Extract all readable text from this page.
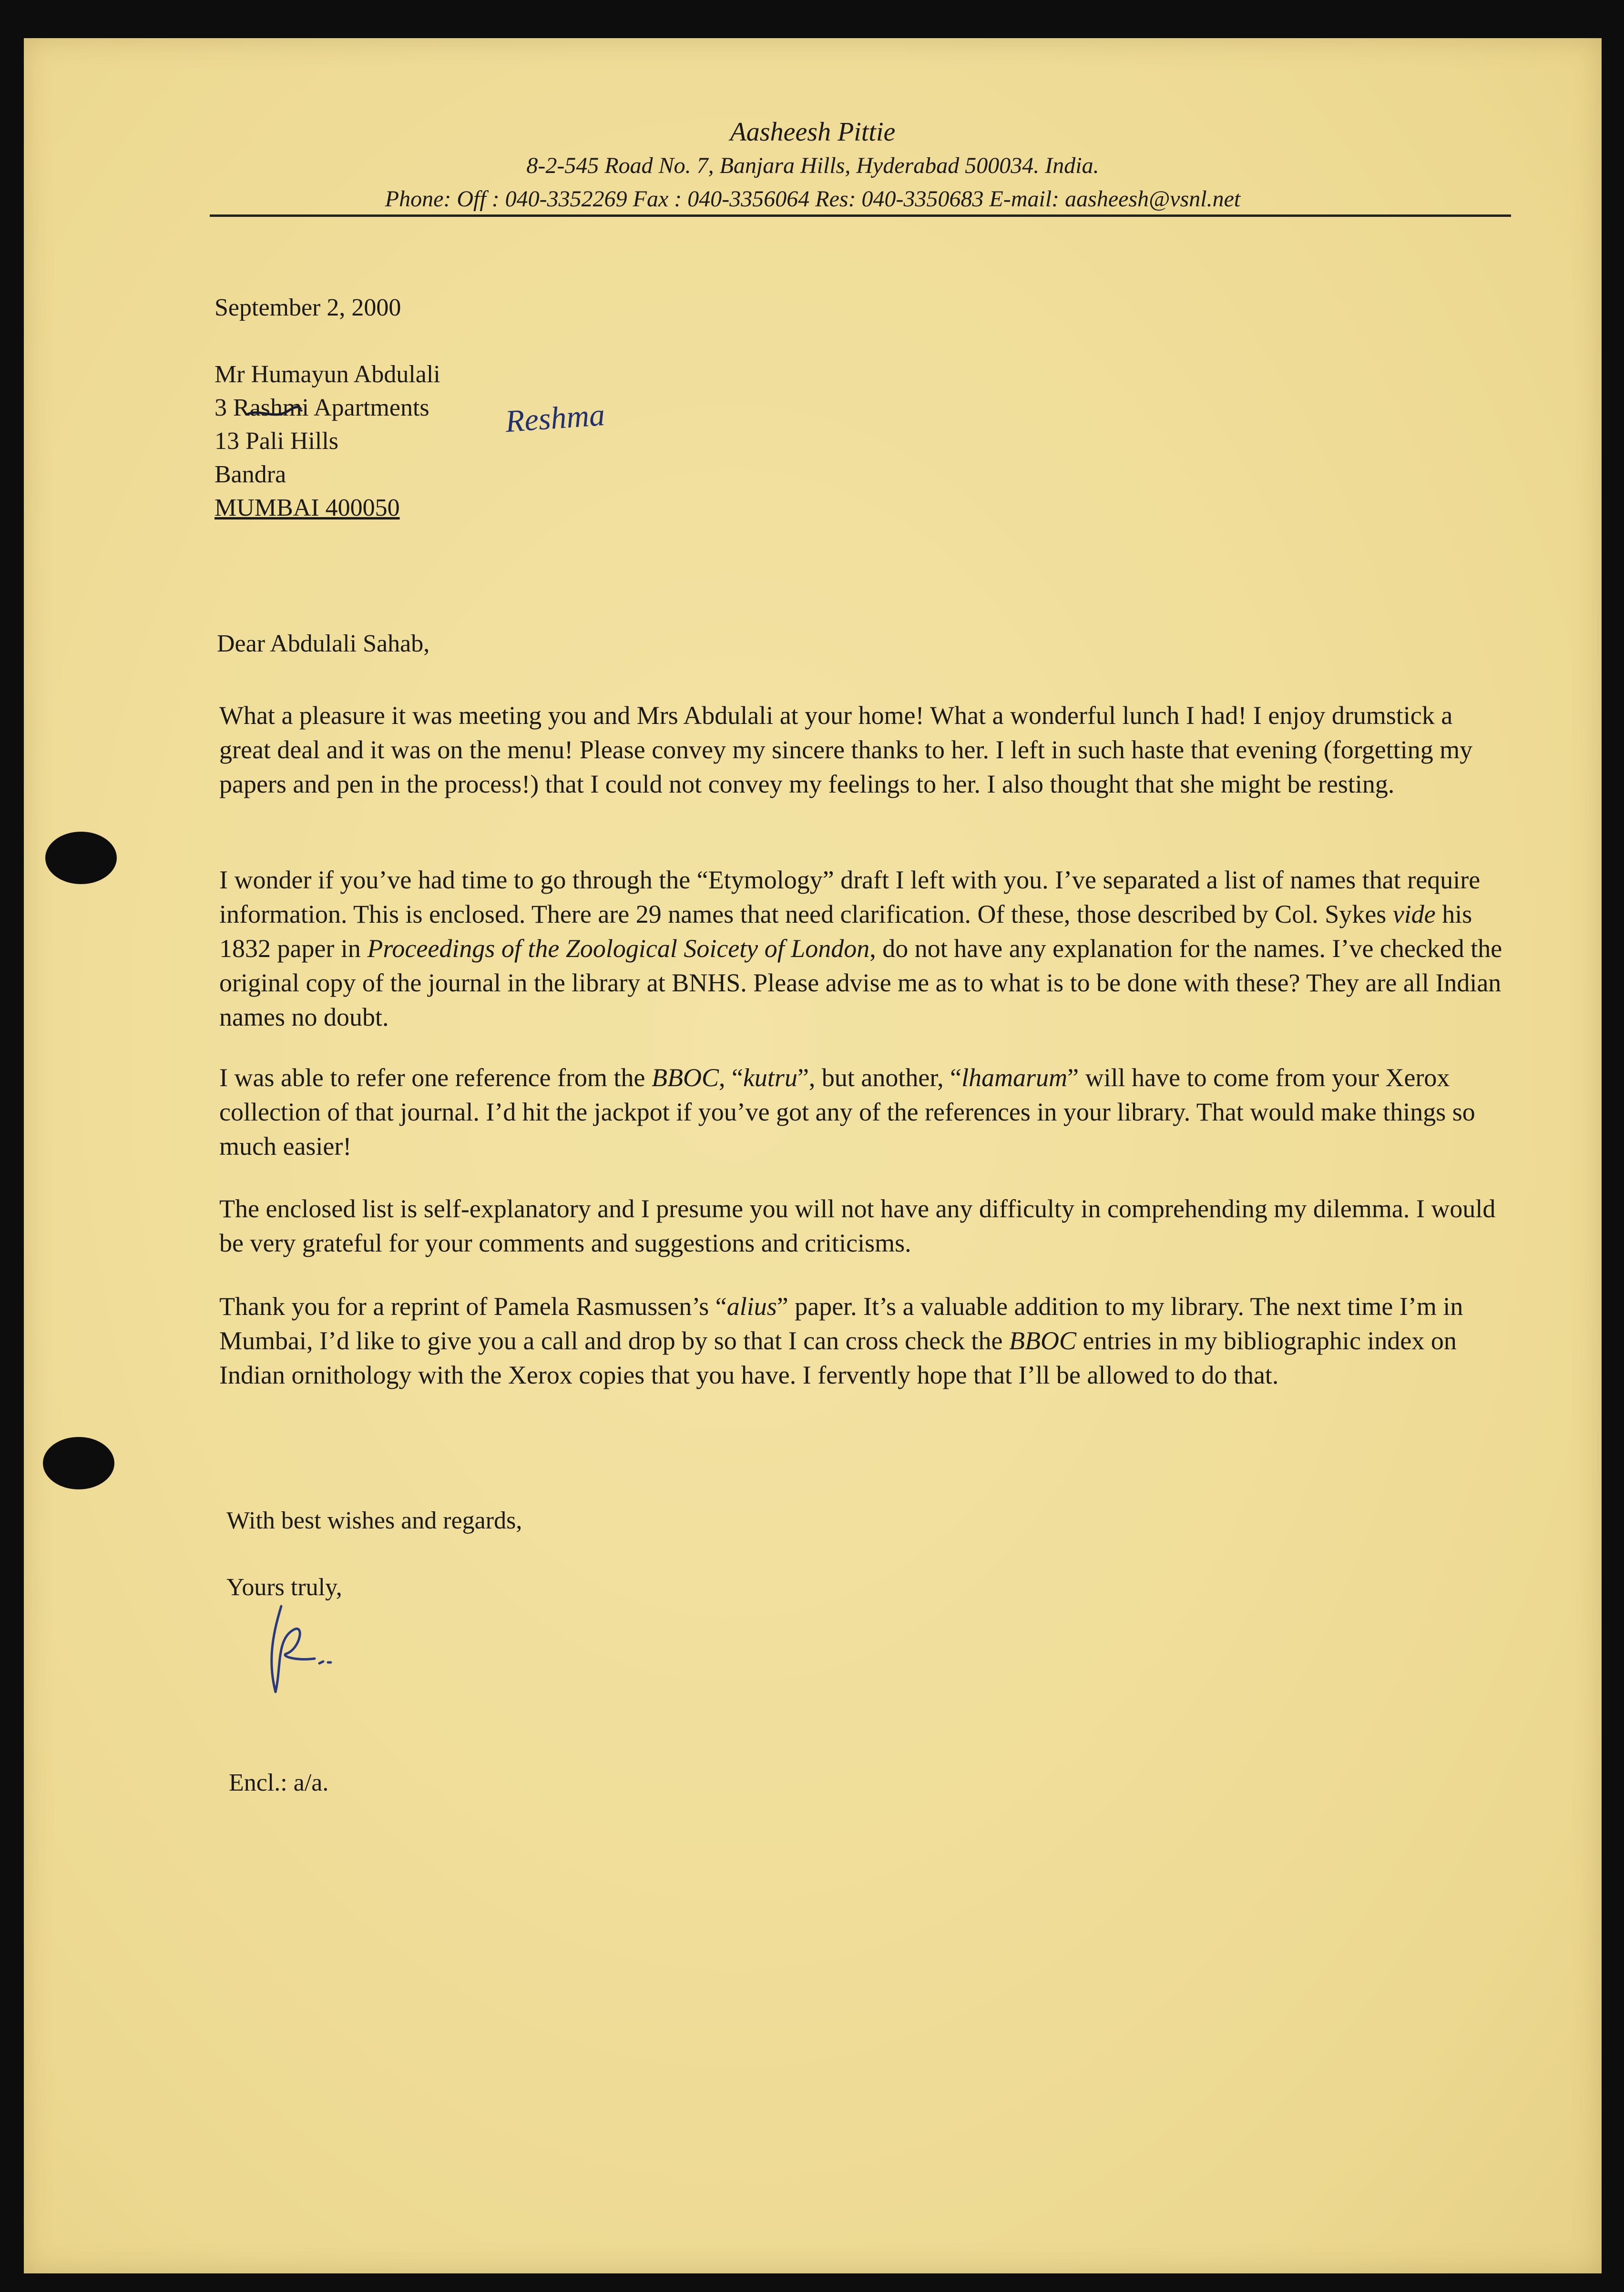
Aasheesh Pittie
8-2-545 Road No. 7, Banjara Hills, Hyderabad 500034. India.
Phone: Off : 040-3352269 Fax : 040-3356064 Res: 040-3350683 E-mail: aasheesh@vsnl.net
September 2, 2000
Mr Humayun Abdulali
3 Rashmi Apartments Reshma
13 Pali Hills
Bandra
MUMBAI 400050
Dear Abdulali Sahab,
What a pleasure it was meeting you and Mrs Abdulali at your home! What a wonderful lunch I had! I enjoy drumstick a great deal and it was on the menu! Please convey my sincere thanks to her. I left in such haste that evening (forgetting my papers and pen in the process!) that I could not convey my feelings to her. I also thought that she might be resting.
I wonder if you’ve had time to go through the “Etymology” draft I left with you. I’ve separated a list of names that require information. This is enclosed. There are 29 names that need clarification. Of these, those described by Col. Sykes vide his 1832 paper in Proceedings of the Zoological Soicety of London, do not have any explanation for the names. I’ve checked the original copy of the journal in the library at BNHS. Please advise me as to what is to be done with these? They are all Indian names no doubt.
I was able to refer one reference from the BBOC, “kutru”, but another, “lhamarum” will have to come from your Xerox collection of that journal. I’d hit the jackpot if you’ve got any of the references in your library. That would make things so much easier!
The enclosed list is self-explanatory and I presume you will not have any difficulty in comprehending my dilemma. I would be very grateful for your comments and suggestions and criticisms.
Thank you for a reprint of Pamela Rasmussen’s “alius” paper. It’s a valuable addition to my library. The next time I’m in Mumbai, I’d like to give you a call and drop by so that I can cross check the BBOC entries in my bibliographic index on Indian ornithology with the Xerox copies that you have. I fervently hope that I’ll be allowed to do that.
With best wishes and regards,
Yours truly,
Encl.: a/a.
